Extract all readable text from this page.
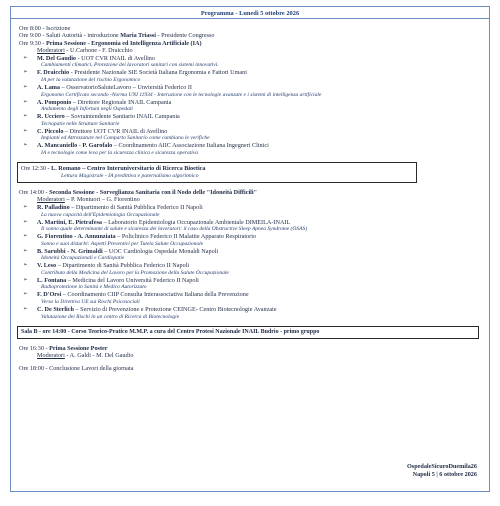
Programma - Lunedì 5 ottobre 2026
Ore 8:00 - Iscrizione
Ore 9:00 - Saluti Autorità - introduzione Maria Triassi - Presidente Congresso
Ore 9:30 - Prima Sessione - Ergonomia ed Intelligenza Artificiale (IA)
Moderatori - U.Carbone - F. Draicchio
➢ M. Del Gaudio - UOT CVR INAIL di Avellino
Cambiamenti climatici, Protezione dei lavoratori sanitari con sistemi innovativi.
➢ F. Draicchio - Presidente Nazionale SIE Società Italiana Ergonomia e Fattori Umani
IA per la valutazione del rischio Ergonomico
➢ A. Lama – OsservatorioSaluteLavoro – Unviersità Federico II
Ergonomo Certificato secondo -Norma UNI 11934 - Interazione con le tecnologie avanzate e i sistemi di intelligenza artificiale
➢ A. Pomponio – Direttore Regionale INAIL Campania
Andamento degli Infortuni negli Ospedali
➢ R. Ucciero – Sovraintendente Sanitario INAIL Campania
Tecnopatie nelle Strutture Sanitarie
➢ C. Piccolo – Direttore UOT CVR INAIL di Avellino
Impianti ed Attrezzature nel Comparto Sanitario come cambiano le verifiche
➢ A. Mancaniello - P. Garofalo – Coordinamento AIIC Associazione Italiana Ingegneri Clinici
IA e tecnologie come leva per la sicurezza clinica e sicurezza operativa
Ore 12:30 - L. Romano – Centro Interuniversitario di Ricerca Bioetica
Lettura Magistrale - IA predittiva e paternalismo algoritmico
Ore 14:00 - Seconda Sessione - Sorveglianza Sanitaria con il Nodo delle "Idoneità Difficili"
Moderatori – P. Montuori – G. Fiorentino
➢ R. Palladino – Dipartimento di Sanità Pubblica Federico II Napoli
La nuova capacità dell'Epidemiologia Occupazionale
➢ A. Martini, E. Pietrafesa – Laboratorio Epidemiologia Occupazionale Ambientale DIMEILA-INAIL
Il sonno quale determinante di salute e sicurezza dei lavoratori: il caso della Obstructive Sleep Apnea Syndrome (OSAS)
➢ G. Fiorentino - A. Annunziata – Policlinico Federico II Malattie Apparato Respiratorio
Sonno e suoi disturbi: Aspetti Preventivi per Tutela Salute Occupazionale
➢ B. Sarubbi - N. Grimaldi – UOC Cardiologia Ospedale Monaldi Napoli
Idoneità Occupazionali e Cardiopatie
➢ V. Leso – Dipartimento di Sanità Pubblica Federico II Napoli
Contributo della Medicina del Lavoro per la Promozione della Salute Occupazionale
➢ L. Fontana – Medicina del Lavoro Università Federico II Napoli
Radioprotezione in Sanità e Medico Autorizzato
➢ F. D'Orsi – Coordinamento CIIP Consulta Interassociativa Italiana della Prevenzione
Verso la Direttiva UE sui Rischi Psicosociali
➢ C. De Sterlich – Servizio di Prevenzione e Protezione CEINGE- Centro Biotecnologie Avanzate
Valutazione dei Rischi in un centro di Ricerca di Biotecnologie
Sala B - ore 14:00 - Corso Teorico-Pratico M.M.P. a cura del Centro Protesi Nazionale INAIL Budrio - primo gruppo
Ore 16:30 - Prima Sessione Poster
Moderatori - A. Galdi - M. Del Gaudio
Ore 18:00 - Conclusione Lavori della giornata
OspedaleSicuroDuemila26
Napoli 5 | 6 ottobre 2026
